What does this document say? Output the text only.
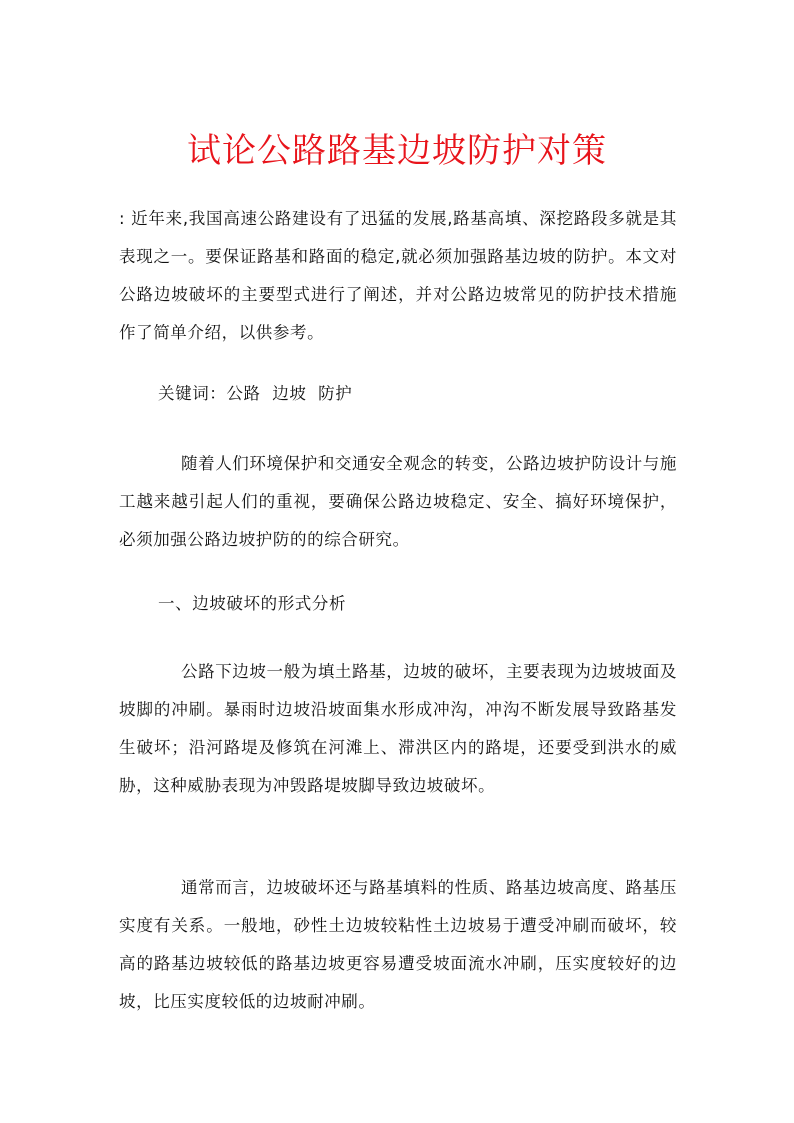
试论公路路基边坡防护对策
: 近年来,我国高速公路建设有了迅猛的发展,路基高填、深挖路段多就是其表现之一。要保证路基和路面的稳定,就必须加强路基边坡的防护。本文对公路边坡破坏的主要型式进行了阐述，并对公路边坡常见的防护技术措施作了简单介绍，以供参考。
关键词：公路  边坡  防护
随着人们环境保护和交通安全观念的转变，公路边坡护防设计与施工越来越引起人们的重视，要确保公路边坡稳定、安全、搞好环境保护，必须加强公路边坡护防的的综合研究。
一、边坡破坏的形式分析
公路下边坡一般为填土路基，边坡的破坏，主要表现为边坡坡面及坡脚的冲刷。暴雨时边坡沿坡面集水形成冲沟，冲沟不断发展导致路基发生破坏；沿河路堤及修筑在河滩上、滞洪区内的路堤，还要受到洪水的威胁，这种威胁表现为冲毁路堤坡脚导致边坡破坏。
通常而言，边坡破坏还与路基填料的性质、路基边坡高度、路基压实度有关系。一般地，砂性土边坡较粘性土边坡易于遭受冲刷而破坏，较高的路基边坡较低的路基边坡更容易遭受坡面流水冲刷，压实度较好的边坡，比压实度较低的边坡耐冲刷。
